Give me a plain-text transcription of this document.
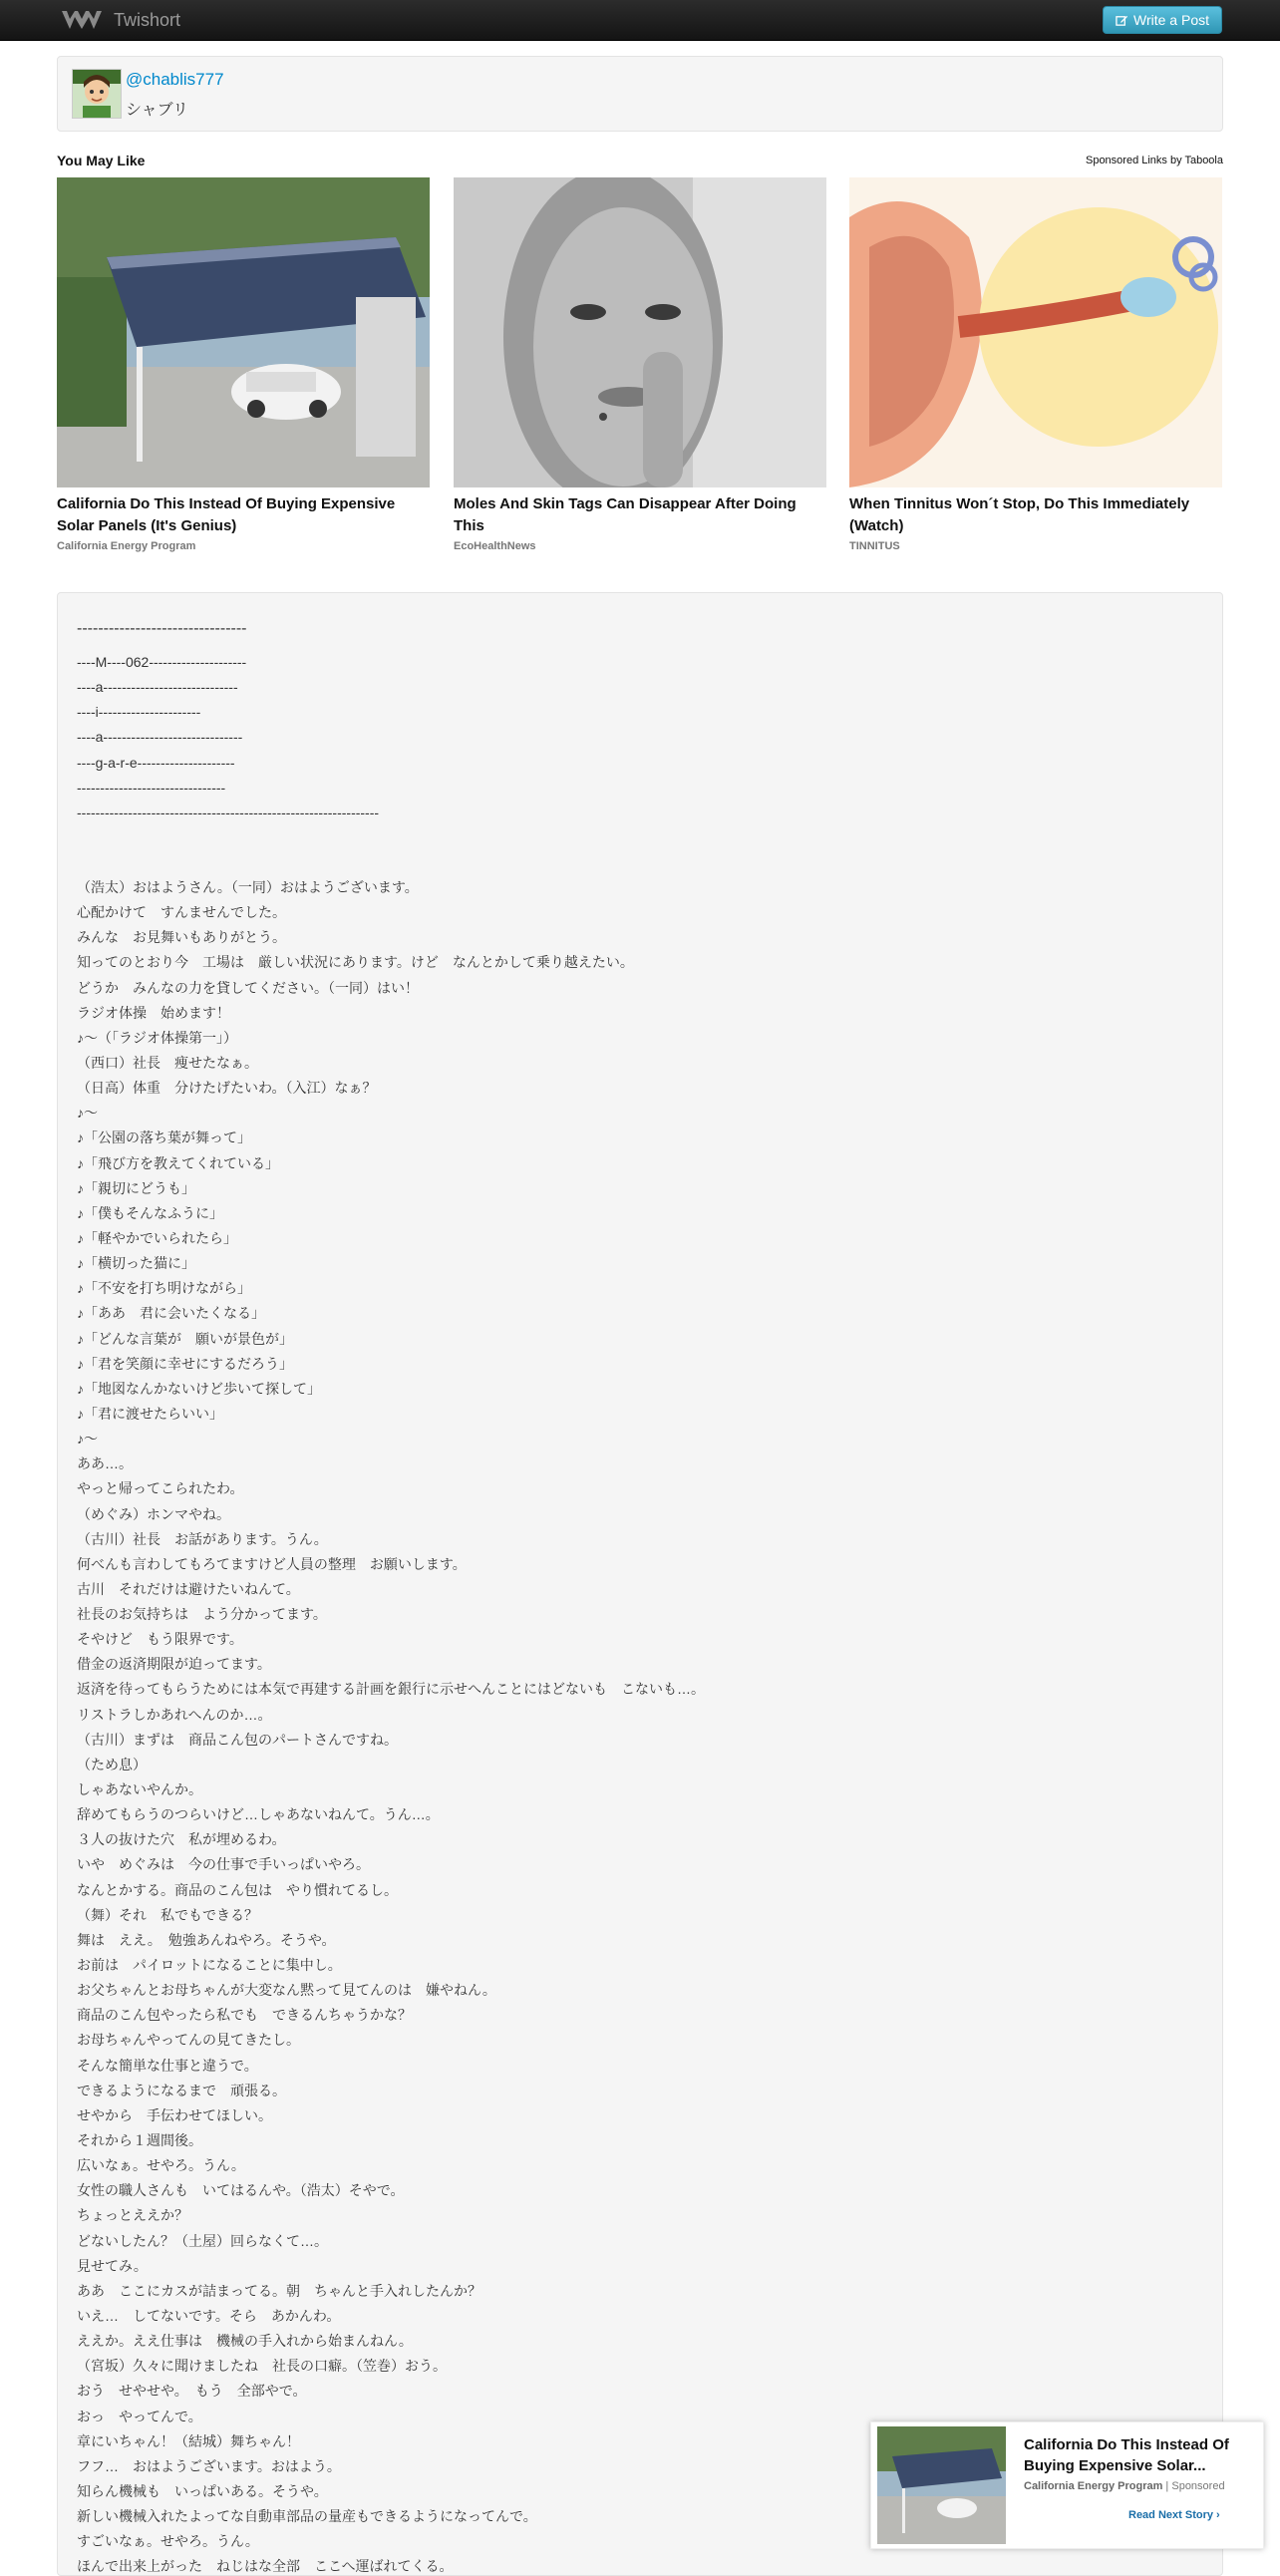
Twishort	Write a Post
@chablis777
シャブリ
You May Like	Sponsored Links by Taboola
California Do This Instead Of Buying Expensive Solar Panels (It's Genius)
California Energy Program
Moles And Skin Tags Can Disappear After Doing This
EcoHealthNews
When Tinnitus Won´t Stop, Do This Immediately (Watch)
TINNITUS
--------------------------------
----M----062---------------------
----a-----------------------------
----i----------------------
----a------------------------------
----g-a-r-e---------------------
--------------------------------
-----------------------------------------------------------------
（浩太）おはようさん。（一同）おはようございます。
心配かけて　すんませんでした。
みんな　お見舞いもありがとう。
知ってのとおり今　工場は　厳しい状況にあります。けど　なんとかして乗り越えたい。
どうか　みんなの力を貸してください。（一同）はい！
ラジオ体操　始めます！
♪～（「ラジオ体操第一」）
（西口）社長　痩せたなぁ。
（日高）体重　分けたげたいわ。（入江）なぁ？
♪～
♪「公園の落ち葉が舞って」
♪「飛び方を教えてくれている」
♪「親切にどうも」
♪「僕もそんなふうに」
♪「軽やかでいられたら」
♪「横切った猫に」
♪「不安を打ち明けながら」
♪「ああ　君に会いたくなる」
♪「どんな言葉が　願いが景色が」
♪「君を笑顔に幸せにするだろう」
♪「地図なんかないけど歩いて探して」
♪「君に渡せたらいい」
♪～
ああ…。
やっと帰ってこられたわ。
（めぐみ）ホンマやね。
（古川）社長　お話があります。うん。
何べんも言わしてもろてますけど人員の整理　お願いします。
古川　それだけは避けたいねんて。
社長のお気持ちは　よう分かってます。
そやけど　もう限界です。
借金の返済期限が迫ってます。
返済を待ってもらうためには本気で再建する計画を銀行に示せへんことにはどないも　こないも…。
リストラしかあれへんのか…。
（古川）まずは　商品こん包のパートさんですね。
（ため息）
しゃあないやんか。
辞めてもらうのつらいけど…しゃあないねんて。うん…。
３人の抜けた穴　私が埋めるわ。
いや　めぐみは　今の仕事で手いっぱいやろ。
なんとかする。商品のこん包は　やり慣れてるし。
（舞）それ　私でもできる？
舞は　ええ。　勉強あんねやろ。そうや。
お前は　パイロットになることに集中し。
お父ちゃんとお母ちゃんが大変なん黙って見てんのは　嫌やねん。
商品のこん包やったら私でも　できるんちゃうかな？
お母ちゃんやってんの見てきたし。
そんな簡単な仕事と違うで。
できるようになるまで　頑張る。
せやから　手伝わせてほしい。
それから１週間後。
広いなぁ。せやろ。うん。
女性の職人さんも　いてはるんや。（浩太）そやで。
ちょっとええか？
どないしたん？（土屋）回らなくて…。
見せてみ。
ああ　ここにカスが詰まってる。朝　ちゃんと手入れしたんか？
いえ…　してないです。そら　あかんわ。
ええか。ええ仕事は　機械の手入れから始まんねん。
（宮坂）久々に聞けましたね　社長の口癖。（笠巻）おう。
おう　せやせや。　もう　全部やで。
おっ　やってんで。
章にいちゃん！（結城）舞ちゃん！
フフ…　おはようございます。おはよう。
知らん機械も　いっぱいある。そうや。
新しい機械入れたよってな自動車部品の量産もできるようになってんで。
すごいなぁ。せやろ。うん。
ほんで出来上がった　ねじはな全部　ここへ運ばれてくる。
California Do This Instead Of Buying Expensive Solar...
California Energy Program | Sponsored
Read Next Story ›
